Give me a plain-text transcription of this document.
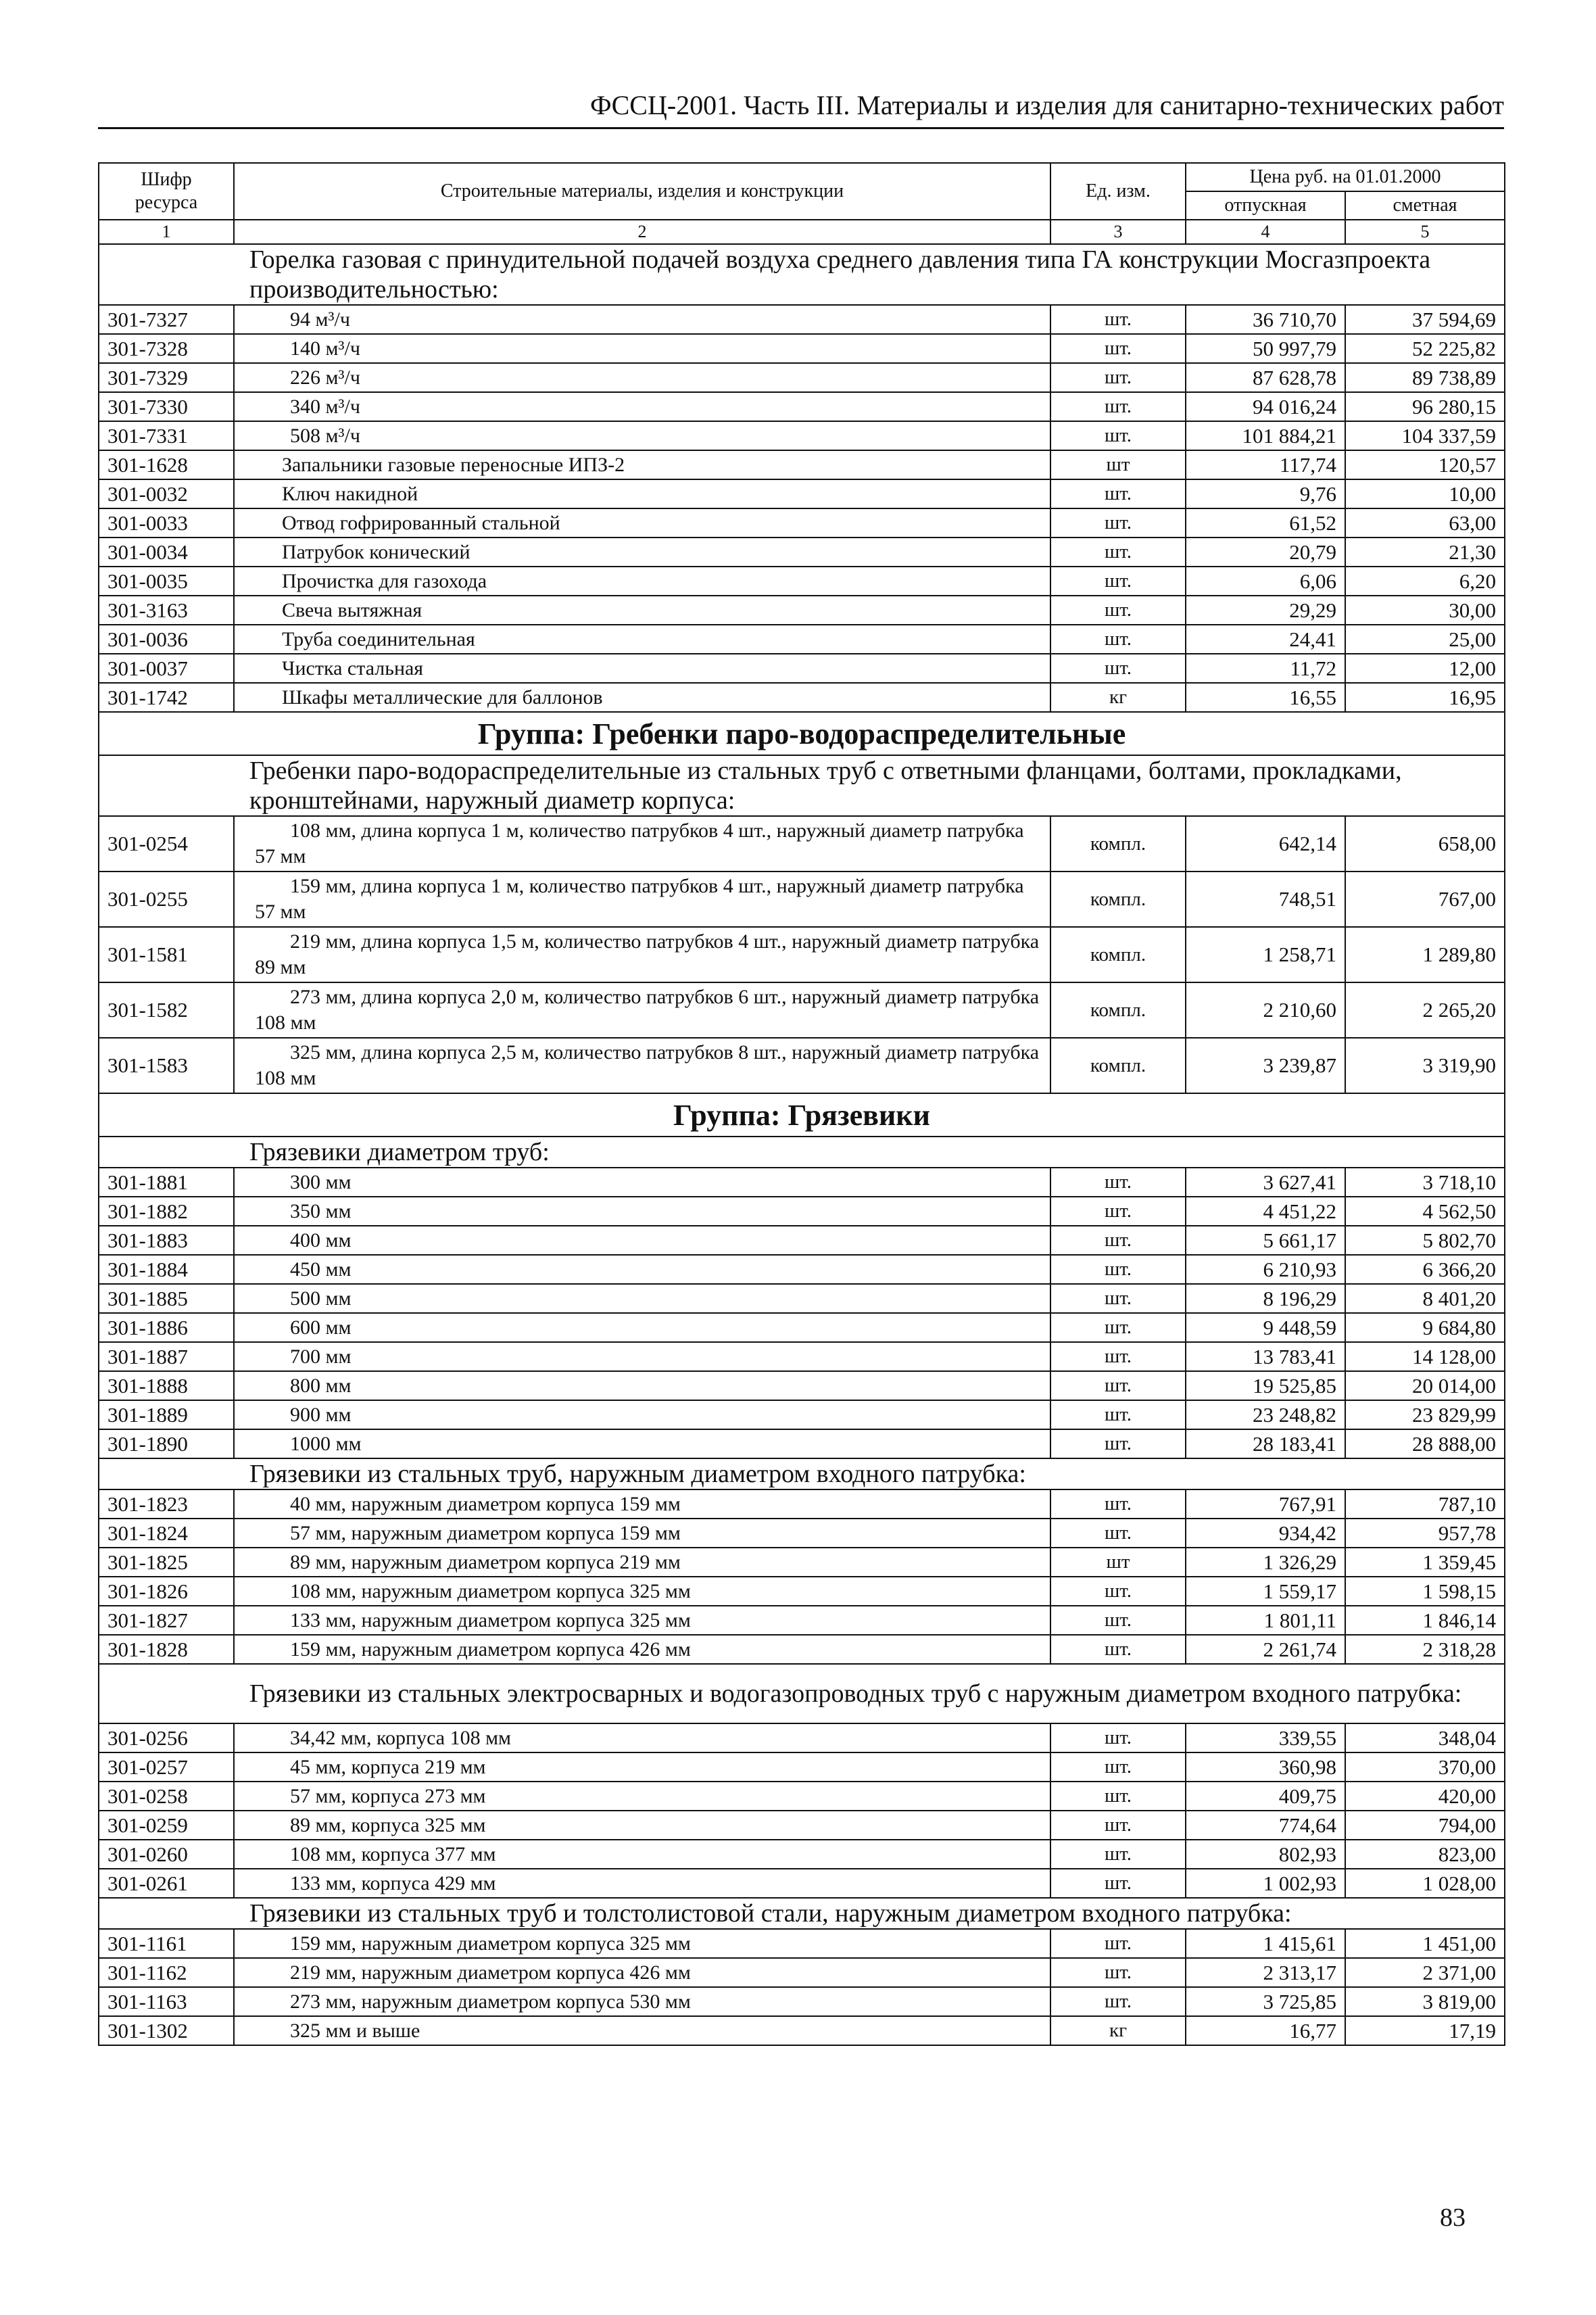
ФССЦ-2001. Часть III. Материалы и изделия для санитарно-технических работ
Шифр ресурса	Строительные материалы, изделия и конструкции	Ед. изм.	Цена руб. на 01.01.2000	
			отпускная	сметная
1	2	3	4	5
Горелка газовая с принудительной подачей воздуха среднего давления типа ГА конструкции Мосгазпроекта производительностью:				
301-7327	94 м³/ч	шт.	36 710,70	37 594,69
301-7328	140 м³/ч	шт.	50 997,79	52 225,82
301-7329	226 м³/ч	шт.	87 628,78	89 738,89
301-7330	340 м³/ч	шт.	94 016,24	96 280,15
301-7331	508 м³/ч	шт.	101 884,21	104 337,59
301-1628	Запальники газовые переносные ИПЗ-2	шт	117,74	120,57
301-0032	Ключ накидной	шт.	9,76	10,00
301-0033	Отвод гофрированный стальной	шт.	61,52	63,00
301-0034	Патрубок конический	шт.	20,79	21,30
301-0035	Прочистка для газохода	шт.	6,06	6,20
301-3163	Свеча вытяжная	шт.	29,29	30,00
301-0036	Труба соединительная	шт.	24,41	25,00
301-0037	Чистка стальная	шт.	11,72	12,00
301-1742	Шкафы металлические для баллонов	кг	16,55	16,95
Группа: Гребенки паро-водораспределительные				
Гребенки паро-водораспределительные из стальных труб с ответными фланцами, болтами, прокладками, кронштейнами, наружный диаметр корпуса:				
301-0254	108 мм, длина корпуса 1 м, количество патрубков 4 шт., наружный диаметр патрубка 57 мм	компл.	642,14	658,00
301-0255	159 мм, длина корпуса 1 м, количество патрубков 4 шт., наружный диаметр патрубка 57 мм	компл.	748,51	767,00
301-1581	219 мм, длина корпуса 1,5 м, количество патрубков 4 шт., наружный диаметр патрубка 89 мм	компл.	1 258,71	1 289,80
301-1582	273 мм, длина корпуса 2,0 м, количество патрубков 6 шт., наружный диаметр патрубка 108 мм	компл.	2 210,60	2 265,20
301-1583	325 мм, длина корпуса 2,5 м, количество патрубков 8 шт., наружный диаметр патрубка 108 мм	компл.	3 239,87	3 319,90
Группа: Грязевики				
Грязевики диаметром труб:				
301-1881	300 мм	шт.	3 627,41	3 718,10
301-1882	350 мм	шт.	4 451,22	4 562,50
301-1883	400 мм	шт.	5 661,17	5 802,70
301-1884	450 мм	шт.	6 210,93	6 366,20
301-1885	500 мм	шт.	8 196,29	8 401,20
301-1886	600 мм	шт.	9 448,59	9 684,80
301-1887	700 мм	шт.	13 783,41	14 128,00
301-1888	800 мм	шт.	19 525,85	20 014,00
301-1889	900 мм	шт.	23 248,82	23 829,99
301-1890	1000 мм	шт.	28 183,41	28 888,00
Грязевики из стальных труб, наружным диаметром входного патрубка:				
301-1823	40 мм, наружным диаметром корпуса 159 мм	шт.	767,91	787,10
301-1824	57 мм, наружным диаметром корпуса 159 мм	шт.	934,42	957,78
301-1825	89 мм, наружным диаметром корпуса 219 мм	шт	1 326,29	1 359,45
301-1826	108 мм, наружным диаметром корпуса 325 мм	шт.	1 559,17	1 598,15
301-1827	133 мм, наружным диаметром корпуса 325 мм	шт.	1 801,11	1 846,14
301-1828	159 мм, наружным диаметром корпуса 426 мм	шт.	2 261,74	2 318,28
Грязевики из стальных электросварных и водогазопроводных труб с наружным диаметром входного патрубка:				
301-0256	34,42 мм, корпуса 108 мм	шт.	339,55	348,04
301-0257	45 мм, корпуса 219 мм	шт.	360,98	370,00
301-0258	57 мм, корпуса 273 мм	шт.	409,75	420,00
301-0259	89 мм, корпуса 325 мм	шт.	774,64	794,00
301-0260	108 мм, корпуса 377 мм	шт.	802,93	823,00
301-0261	133 мм, корпуса 429 мм	шт.	1 002,93	1 028,00
Грязевики из стальных труб и толстолистовой стали, наружным диаметром входного патрубка:				
301-1161	159 мм, наружным диаметром корпуса 325 мм	шт.	1 415,61	1 451,00
301-1162	219 мм, наружным диаметром корпуса 426 мм	шт.	2 313,17	2 371,00
301-1163	273 мм, наружным диаметром корпуса 530 мм	шт.	3 725,85	3 819,00
301-1302	325 мм и выше	кг	16,77	17,19
83
